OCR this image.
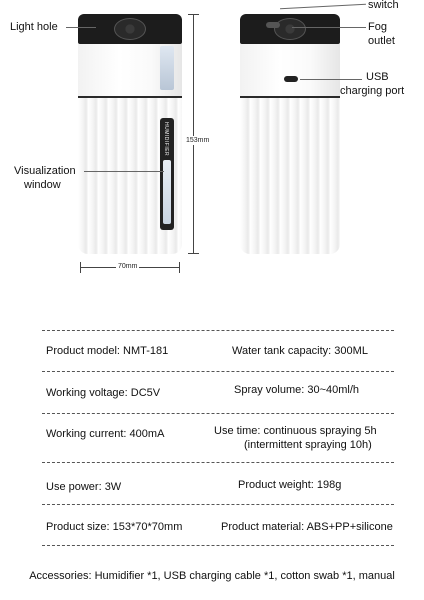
HUMIDIFIER
Light hole
Visualization
window
switch
Fog
outlet
USB
charging port
153mm
70mm
Product model: NMT-181	Water tank capacity: 300ML
Working voltage: DC5V	Spray volume: 30~40ml/h
Working current: 400mA	Use time: continuous spraying 5h
(intermittent spraying 10h)
Use power: 3W	Product weight: 198g
Product size: 153*70*70mm	Product material: ABS+PP+silicone
Accessories: Humidifier *1, USB charging cable *1, cotton swab *1, manual
